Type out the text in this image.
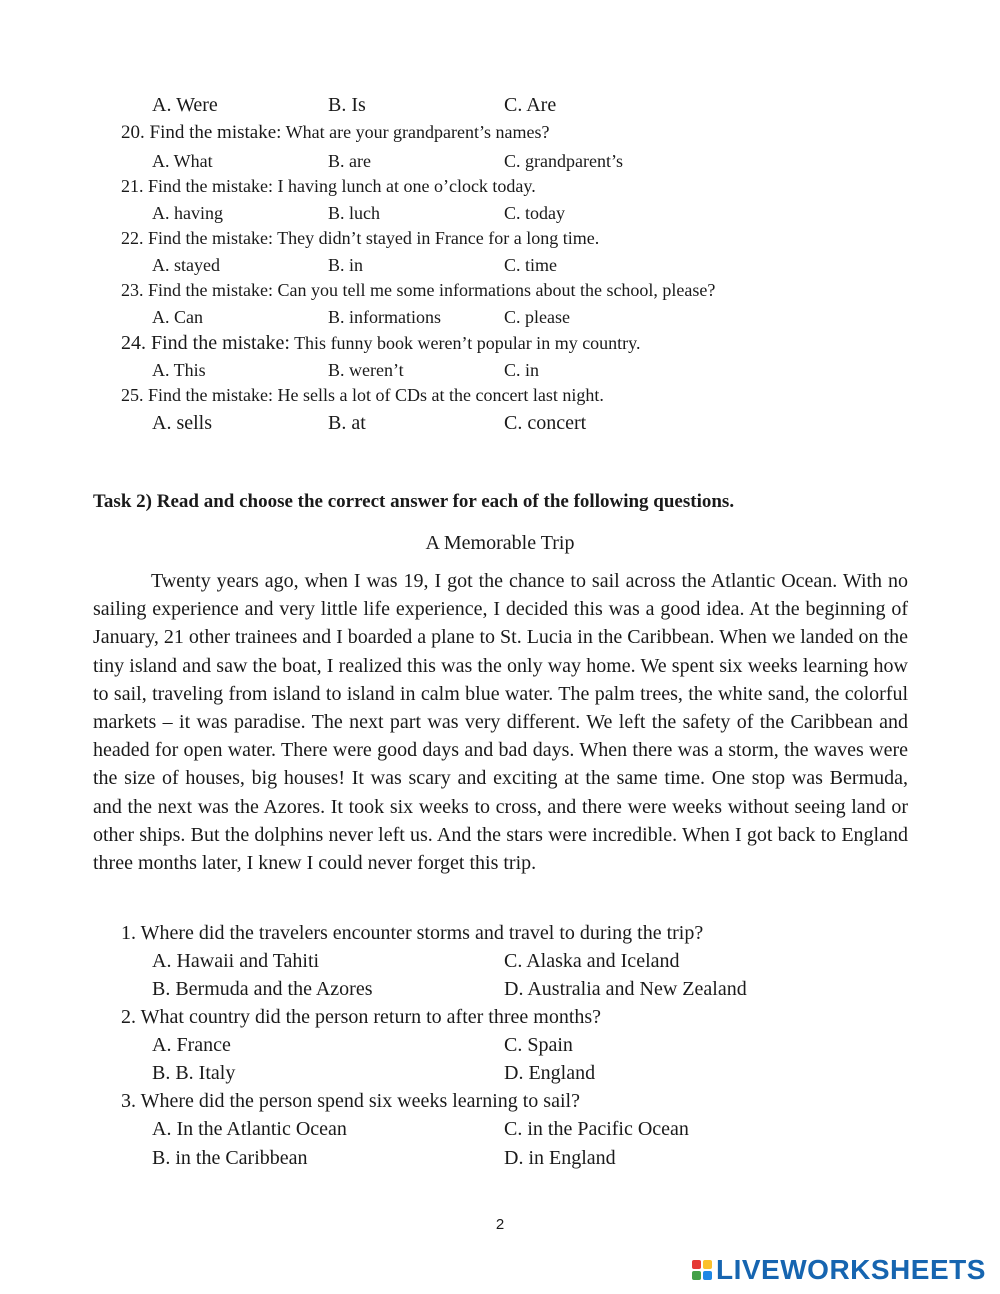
A. Were	B. Is	C. Are
20. Find the mistake: What are your grandparent’s names?
A. What	B. are	C. grandparent’s
21. Find the mistake: I having lunch at one o’clock today.
A. having	B. luch	C. today
22. Find the mistake: They didn’t stayed in France for a long time.
A. stayed	B. in	C. time
23. Find the mistake: Can you tell me some informations about the school, please?
A. Can	B. informations	C. please
24. Find the mistake: This funny book weren’t popular in my country.
A. This	B. weren’t	C. in
25. Find the mistake: He sells a lot of CDs at the concert last night.
A. sells	B. at	C. concert
Task 2) Read and choose the correct answer for each of the following questions.
A Memorable Trip

Twenty years ago, when I was 19, I got the chance to sail across the Atlantic Ocean. With no sailing experience and very little life experience, I decided this was a good idea. At the beginning of January, 21 other trainees and I boarded a plane to St. Lucia in the Caribbean. When we landed on the tiny island and saw the boat, I realized this was the only way home. We spent six weeks learning how to sail, traveling from island to island in calm blue water. The palm trees, the white sand, the colorful markets – it was paradise. The next part was very different. We left the safety of the Caribbean and headed for open water. There were good days and bad days. When there was a storm, the waves were the size of houses, big houses! It was scary and exciting at the same time. One stop was Bermuda, and the next was the Azores. It took six weeks to cross, and there were weeks without seeing land or other ships. But the dolphins never left us. And the stars were incredible. When I got back to England three months later, I knew I could never forget this trip.

1. Where did the travelers encounter storms and travel to during the trip?
A. Hawaii and Tahiti	C. Alaska and Iceland
B. Bermuda and the Azores	D. Australia and New Zealand
2. What country did the person return to after three months?
A. France	C. Spain
B. B. Italy	D. England
3. Where did the person spend six weeks learning to sail?
A. In the Atlantic Ocean	C. in the Pacific Ocean
B. in the Caribbean	D. in England
2
LIVEWORKSHEETS
